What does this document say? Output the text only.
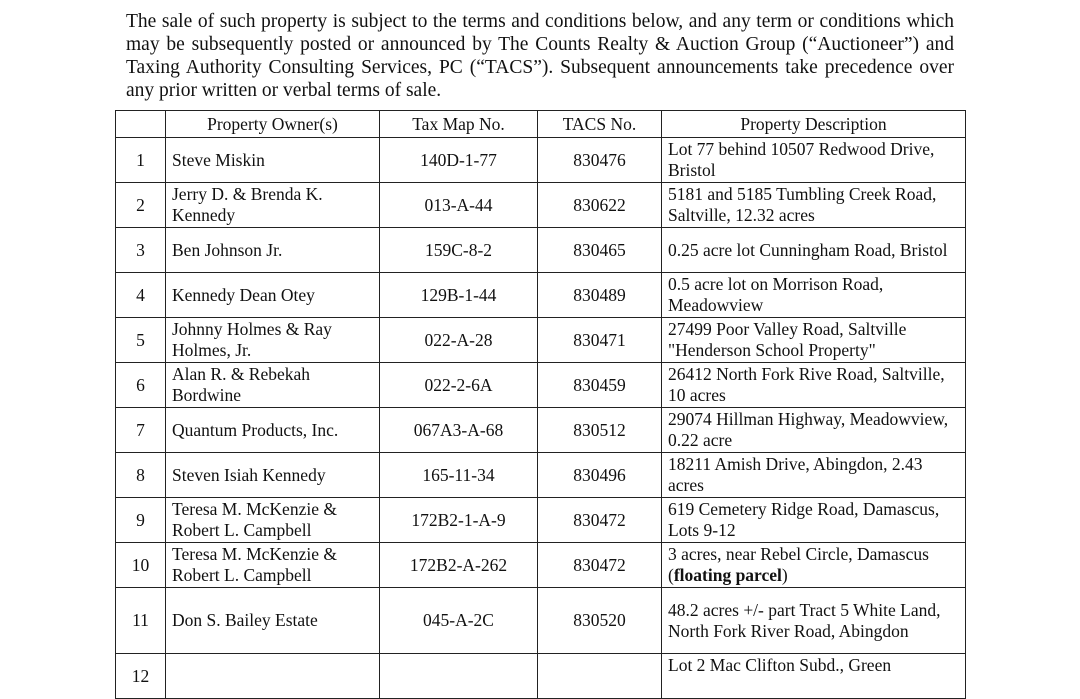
The sale of such property is subject to the terms and conditions below, and any term or conditions which may be subsequently posted or announced by The Counts Realty & Auction Group (“Auctioneer”) and Taxing Authority Consulting Services, PC (“TACS”). Subsequent announcements take precedence over any prior written or verbal terms of sale.

	Property Owner(s)	Tax Map No.	TACS No.	Property Description
1	Steve Miskin	140D-1-77	830476	Lot 77 behind 10507 Redwood Drive, Bristol
2	Jerry D. & Brenda K. Kennedy	013-A-44	830622	5181 and 5185 Tumbling Creek Road, Saltville, 12.32 acres
3	Ben Johnson Jr.	159C-8-2	830465	0.25 acre lot Cunningham Road, Bristol
4	Kennedy Dean Otey	129B-1-44	830489	0.5 acre lot on Morrison Road, Meadowview
5	Johnny Holmes & Ray Holmes, Jr.	022-A-28	830471	27499 Poor Valley Road, Saltville "Henderson School Property"
6	Alan R. & Rebekah Bordwine	022-2-6A	830459	26412 North Fork Rive Road, Saltville, 10 acres
7	Quantum Products, Inc.	067A3-A-68	830512	29074 Hillman Highway, Meadowview, 0.22 acre
8	Steven Isiah Kennedy	165-11-34	830496	18211 Amish Drive, Abingdon, 2.43 acres
9	Teresa M. McKenzie & Robert L. Campbell	172B2-1-A-9	830472	619 Cemetery Ridge Road, Damascus, Lots 9-12
10	Teresa M. McKenzie & Robert L. Campbell	172B2-A-262	830472	3 acres, near Rebel Circle, Damascus (floating parcel)
11	Don S. Bailey Estate	045-A-2C	830520	48.2 acres +/- part Tract 5 White Land, North Fork River Road, Abingdon
12				Lot 2 Mac Clifton Subd., Green
